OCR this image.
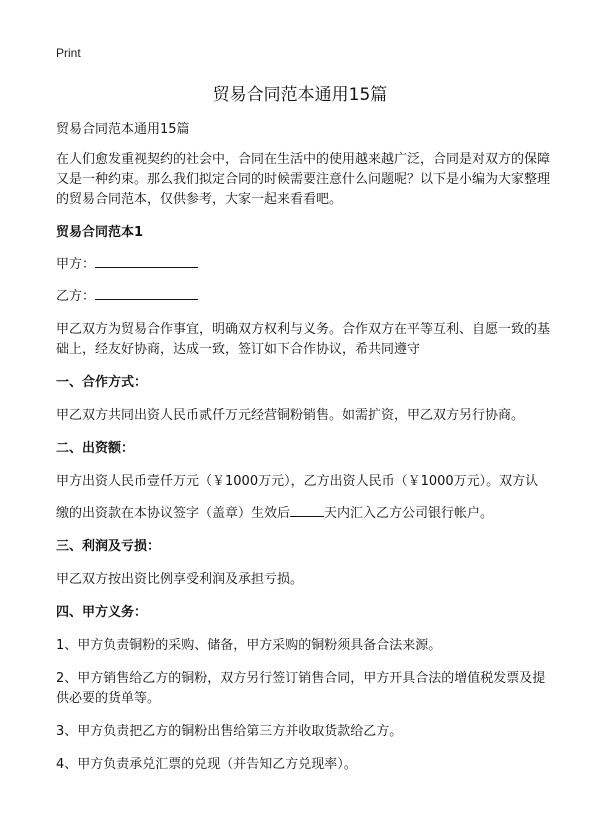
Print
贸易合同范本通用15篇

贸易合同范本通用15篇

在人们愈发重视契约的社会中，合同在生活中的使用越来越广泛，合同是对双方的保障又是一种约束。那么我们拟定合同的时候需要注意什么问题呢？以下是小编为大家整理的贸易合同范本，仅供参考，大家一起来看看吧。

贸易合同范本1

甲方：

乙方：

甲乙双方为贸易合作事宜，明确双方权利与义务。合作双方在平等互利、自愿一致的基础上，经友好协商，达成一致，签订如下合作协议，希共同遵守

一、合作方式：

甲乙双方共同出资人民币贰仟万元经营铜粉销售。如需扩资，甲乙双方另行协商。

二、出资额：

甲方出资人民币壹仟万元（￥1000万元），乙方出资人民币（￥1000万元）。双方认

缴的出资款在本协议签字（盖章）生效后	天内汇入乙方公司银行帐户。

三、利润及亏损：

甲乙双方按出资比例享受利润及承担亏损。

四、甲方义务：

1、甲方负责铜粉的采购、储备，甲方采购的铜粉须具备合法来源。

2、甲方销售给乙方的铜粉，双方另行签订销售合同，甲方开具合法的增值税发票及提供必要的货单等。

3、甲方负责把乙方的铜粉出售给第三方并收取货款给乙方。

4、甲方负责承兑汇票的兑现（并告知乙方兑现率）。
